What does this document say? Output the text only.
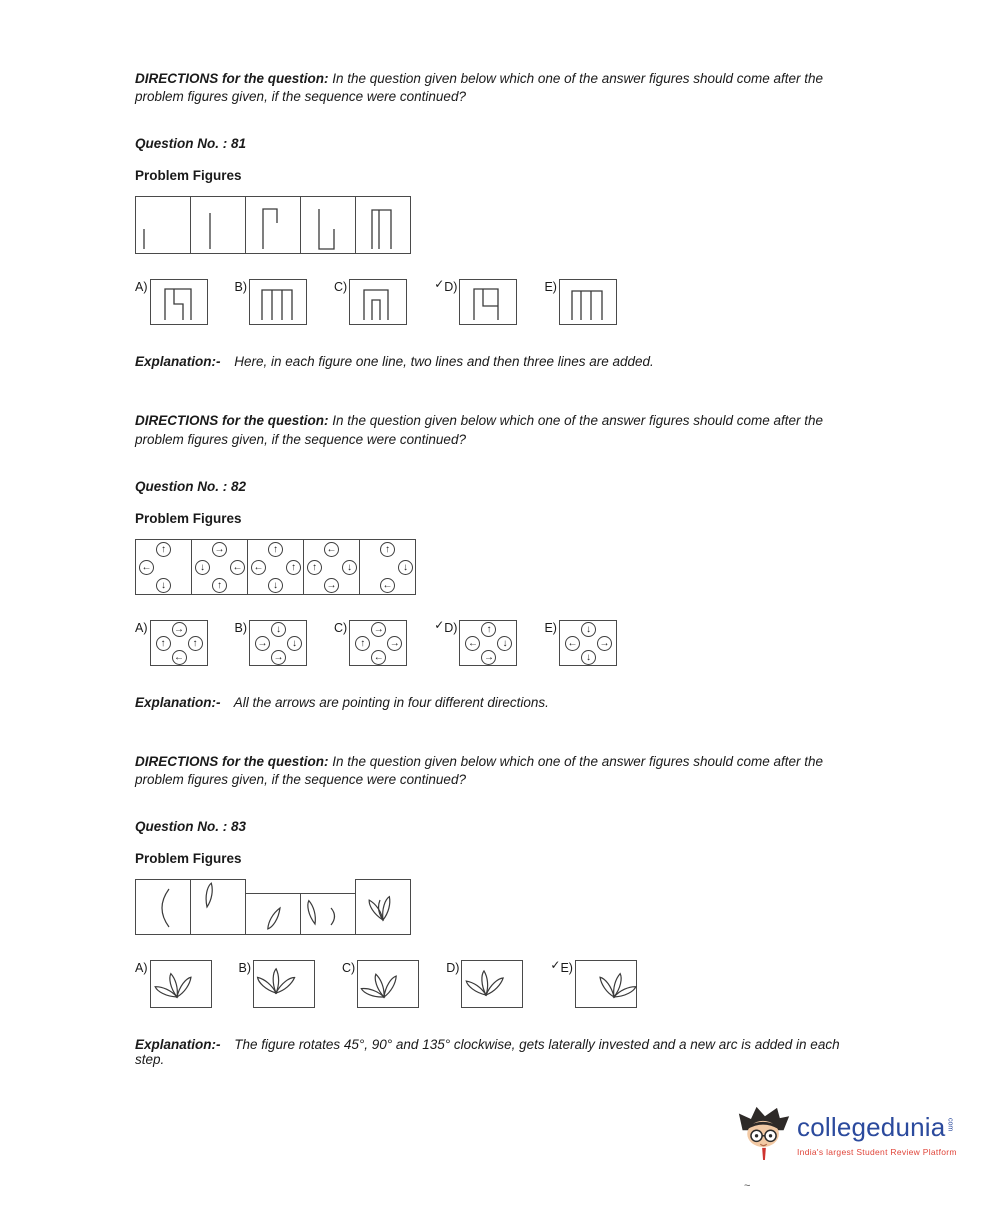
DIRECTIONS for the question: In the question given below which one of the answer figures should come after the problem figures given, if the sequence were continued?

Question No. : 81

Problem Figures

A)	B)	C)	✓ D)	E)

Explanation:- Here, in each figure one line, two lines and then three lines are added.

DIRECTIONS for the question: In the question given below which one of the answer figures should come after the problem figures given, if the sequence were continued?

Question No. : 82

Problem Figures

↑
←
↓
→
↓	←
↑
↑
←	↑
↓
←
↑	↓
→
↑
↓
←
A)	→
↑	↑
←
B)	↓
→	↓
→
C)	→
↑	→
←
✓ D)	↑
←	↓
→
E)	↓
← →
↓

Explanation:- All the arrows are pointing in four different directions.

DIRECTIONS for the question: In the question given below which one of the answer figures should come after the problem figures given, if the sequence were continued?

Question No. : 83

Problem Figures

A)	B)	C)	D)	✓ E)

Explanation:- The figure rotates 45°, 90° and 135° clockwise, gets laterally invested and a new arc is added in each step.

collegedunia com
India's largest Student Review Platform
~
